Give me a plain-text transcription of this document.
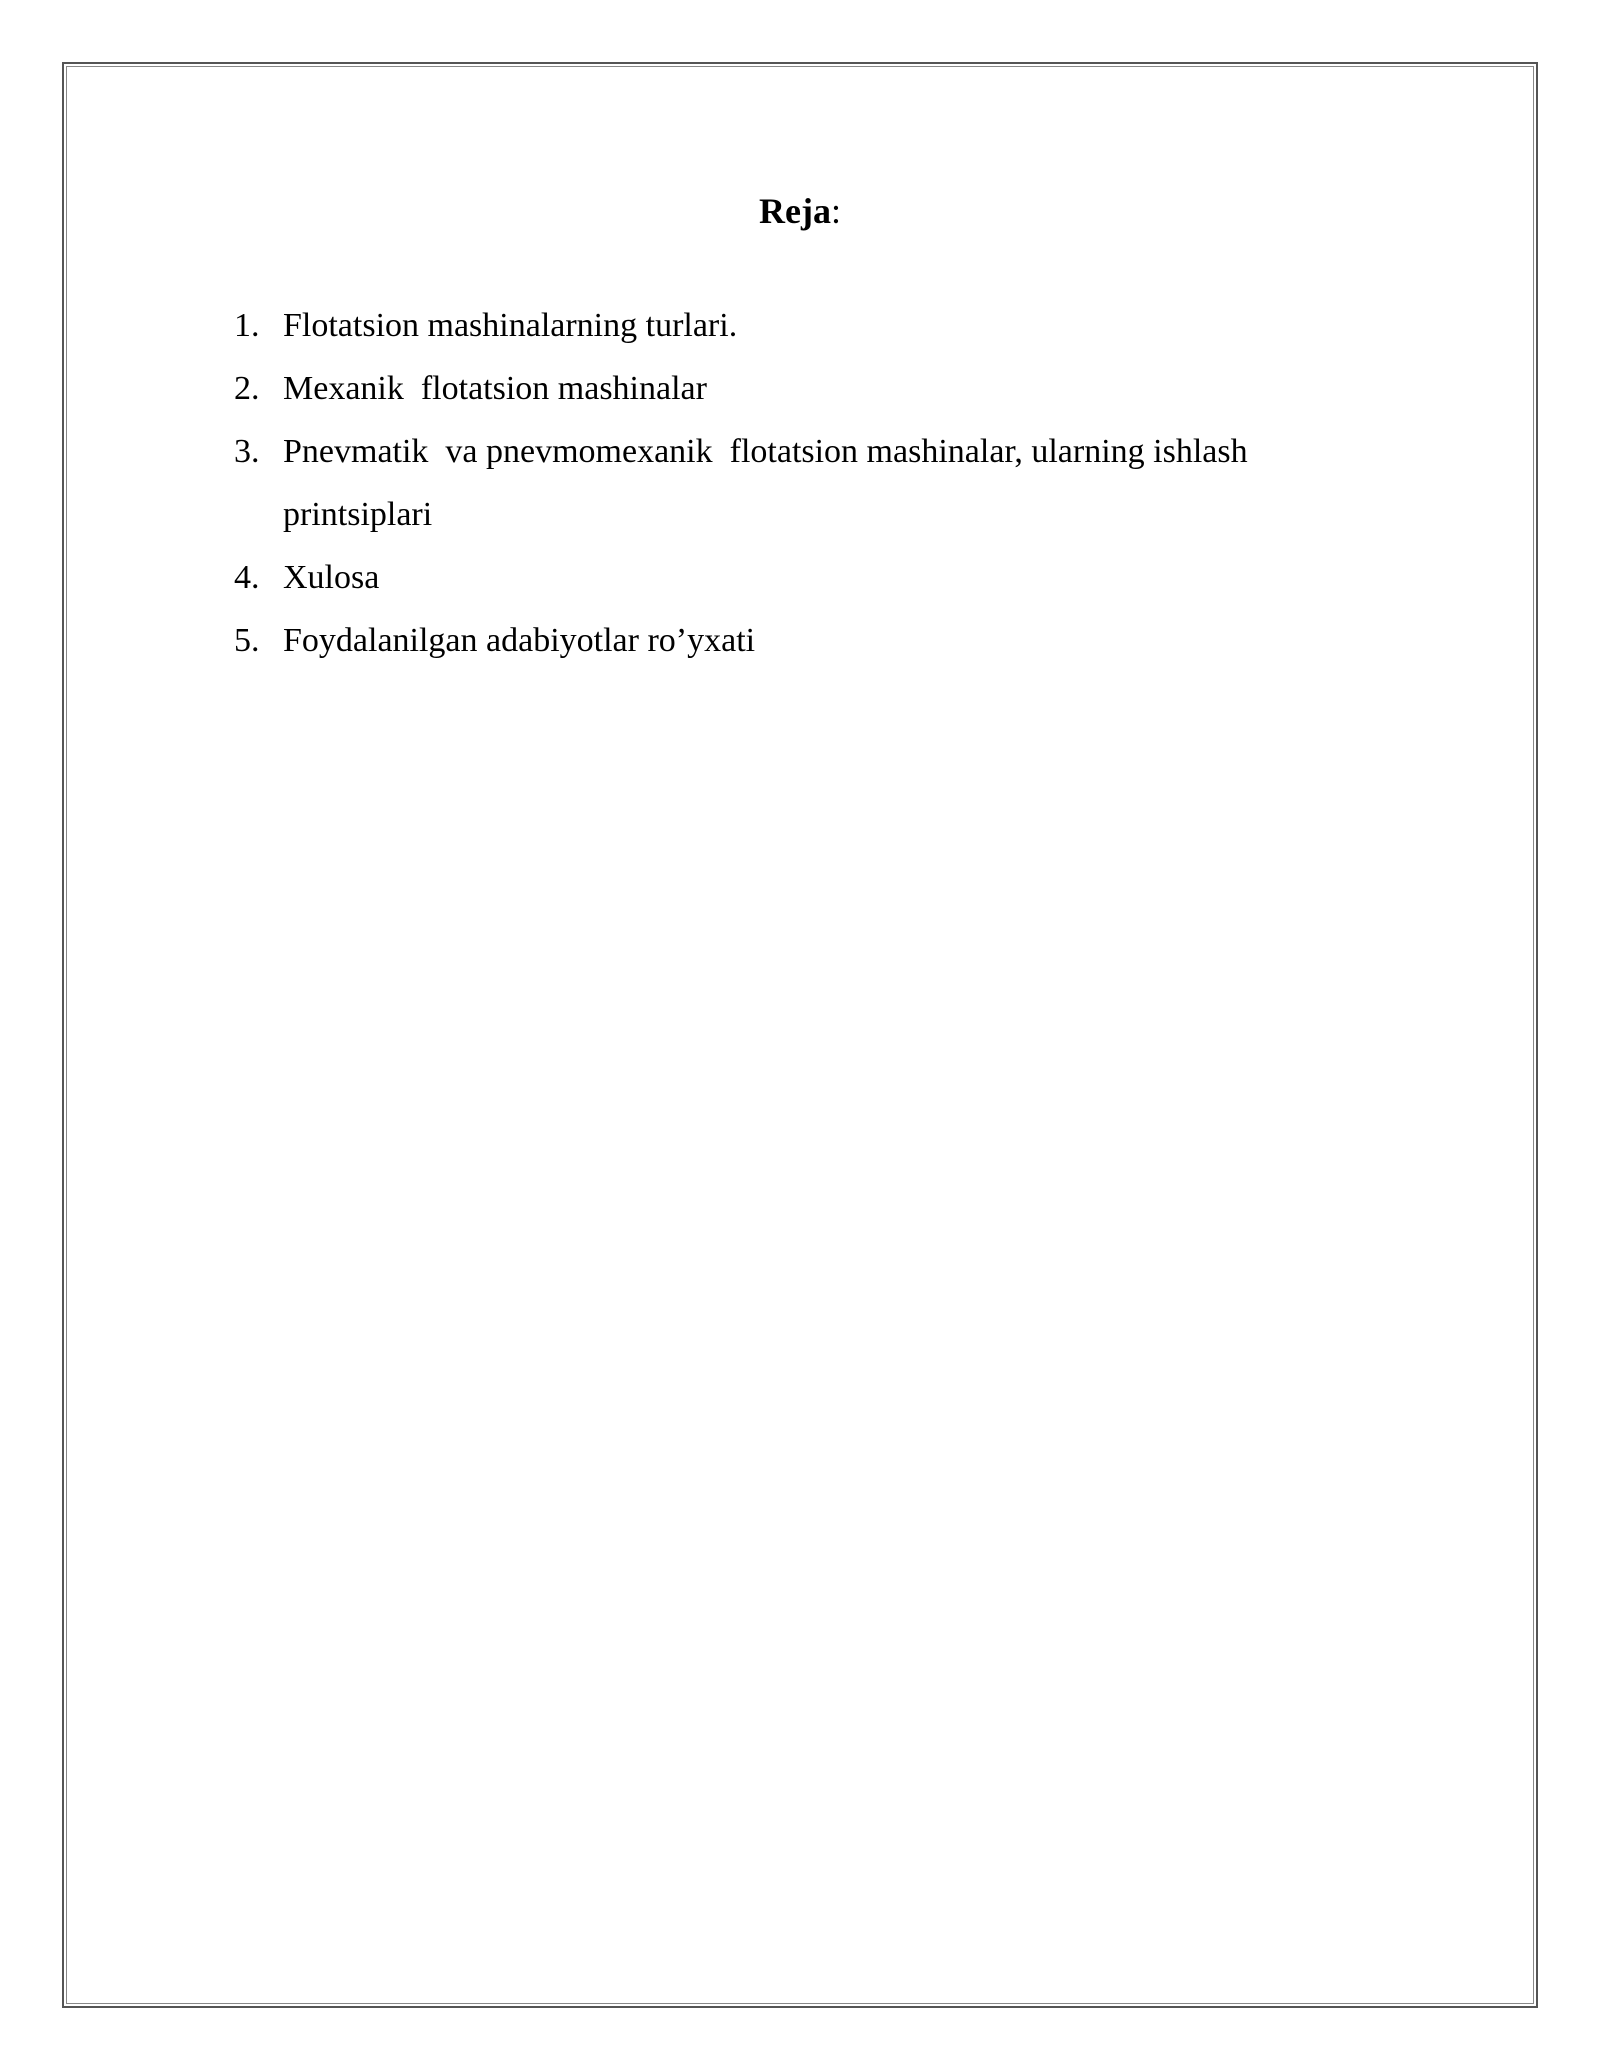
Reja:
1. Flotatsion mashinalarning turlari.
2. Mexanik  flotatsion mashinalar
3. Pnevmatik  va pnevmomexanik  flotatsion mashinalar, ularning ishlash printsiplari
4. Xulosa
5. Foydalanilgan adabiyotlar ro’yxati
